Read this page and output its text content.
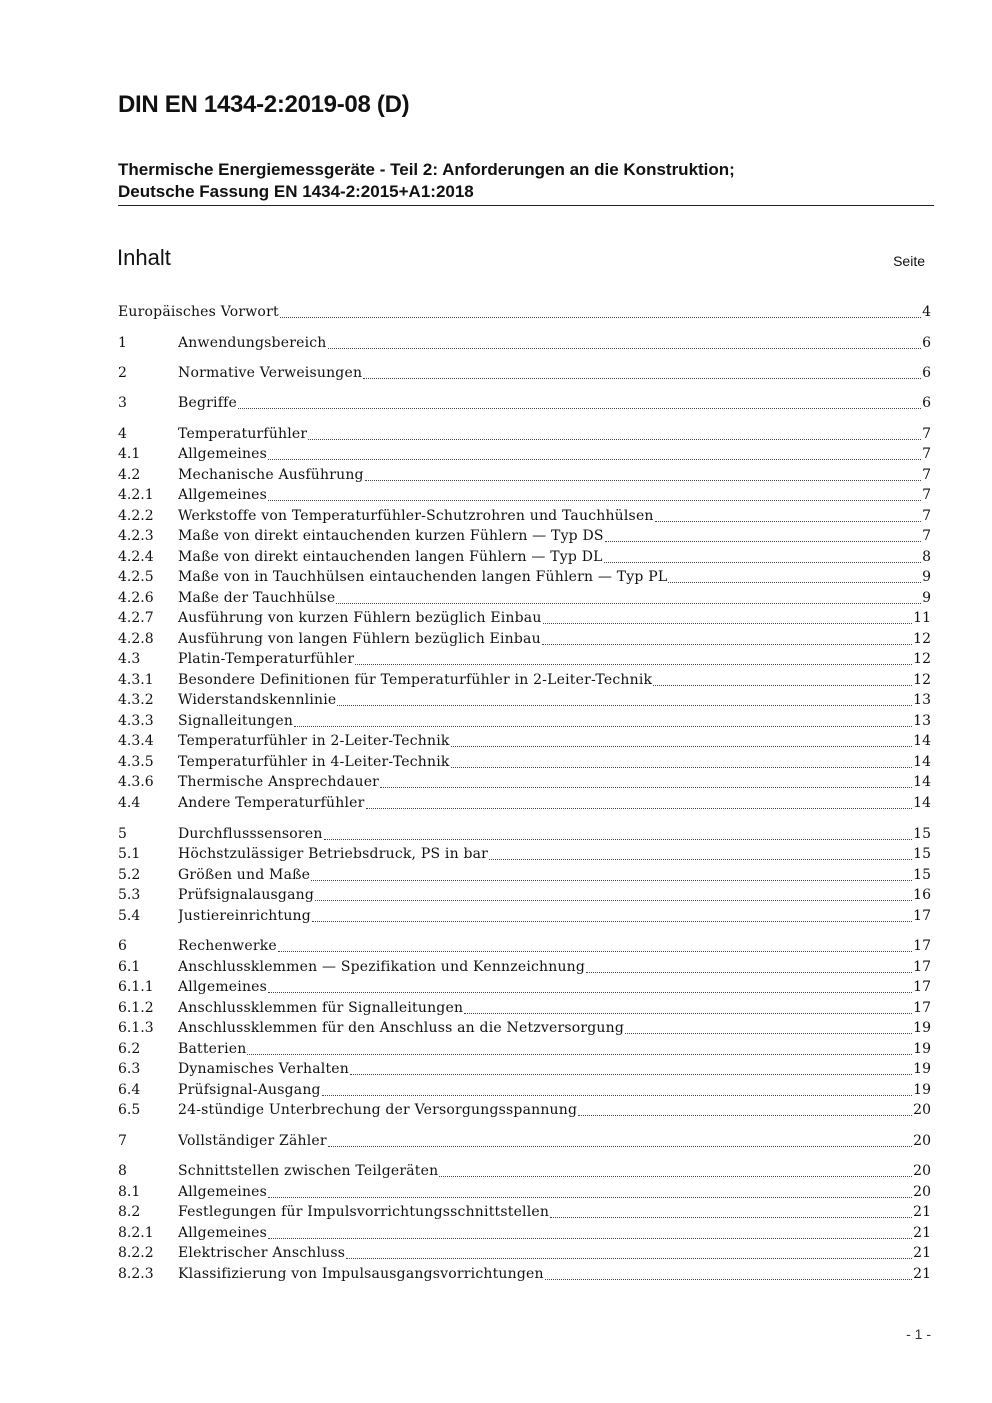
DIN EN 1434-2:2019-08 (D)
Thermische Energiemessgeräte - Teil 2: Anforderungen an die Konstruktion;
Deutsche Fassung EN 1434-2:2015+A1:2018
Inhalt	Seite
Europäisches Vorwort	4
1	Anwendungsbereich	6
2	Normative Verweisungen	6
3	Begriffe	6
4	Temperaturfühler	7
4.1	Allgemeines	7
4.2	Mechanische Ausführung	7
4.2.1	Allgemeines	7
4.2.2	Werkstoffe von Temperaturfühler-Schutzrohren und Tauchhülsen	7
4.2.3	Maße von direkt eintauchenden kurzen Fühlern — Typ DS	7
4.2.4	Maße von direkt eintauchenden langen Fühlern — Typ DL	8
4.2.5	Maße von in Tauchhülsen eintauchenden langen Fühlern — Typ PL	9
4.2.6	Maße der Tauchhülse	9
4.2.7	Ausführung von kurzen Fühlern bezüglich Einbau	11
4.2.8	Ausführung von langen Fühlern bezüglich Einbau	12
4.3	Platin-Temperaturfühler	12
4.3.1	Besondere Definitionen für Temperaturfühler in 2-Leiter-Technik	12
4.3.2	Widerstandskennlinie	13
4.3.3	Signalleitungen	13
4.3.4	Temperaturfühler in 2-Leiter-Technik	14
4.3.5	Temperaturfühler in 4-Leiter-Technik	14
4.3.6	Thermische Ansprechdauer	14
4.4	Andere Temperaturfühler	14
5	Durchflusssensoren	15
5.1	Höchstzulässiger Betriebsdruck, PS in bar	15
5.2	Größen und Maße	15
5.3	Prüfsignalausgang	16
5.4	Justiereinrichtung	17
6	Rechenwerke	17
6.1	Anschlussklemmen — Spezifikation und Kennzeichnung	17
6.1.1	Allgemeines	17
6.1.2	Anschlussklemmen für Signalleitungen	17
6.1.3	Anschlussklemmen für den Anschluss an die Netzversorgung	19
6.2	Batterien	19
6.3	Dynamisches Verhalten	19
6.4	Prüfsignal-Ausgang	19
6.5	24-stündige Unterbrechung der Versorgungsspannung	20
7	Vollständiger Zähler	20
8	Schnittstellen zwischen Teilgeräten	20
8.1	Allgemeines	20
8.2	Festlegungen für Impulsvorrichtungsschnittstellen	21
8.2.1	Allgemeines	21
8.2.2	Elektrischer Anschluss	21
8.2.3	Klassifizierung von Impulsausgangsvorrichtungen	21
- 1 -
